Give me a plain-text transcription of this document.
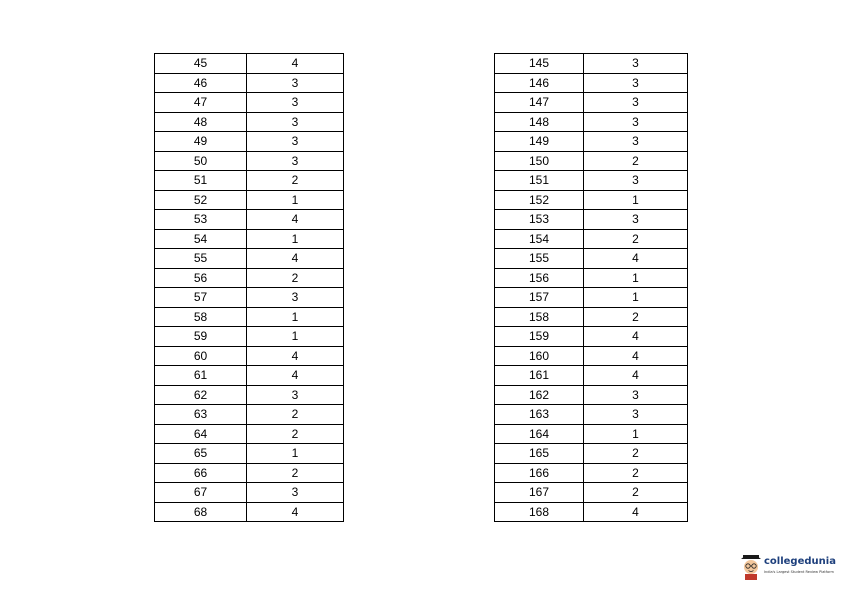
45	4
46	3
47	3
48	3
49	3
50	3
51	2
52	1
53	4
54	1
55	4
56	2
57	3
58	1
59	1
60	4
61	4
62	3
63	2
64	2
65	1
66	2
67	3
68	4
145	3
146	3
147	3
148	3
149	3
150	2
151	3
152	1
153	3
154	2
155	4
156	1
157	1
158	2
159	4
160	4
161	4
162	3
163	3
164	1
165	2
166	2
167	2
168	4
collegedunia
India's Largest Student Review Platform
